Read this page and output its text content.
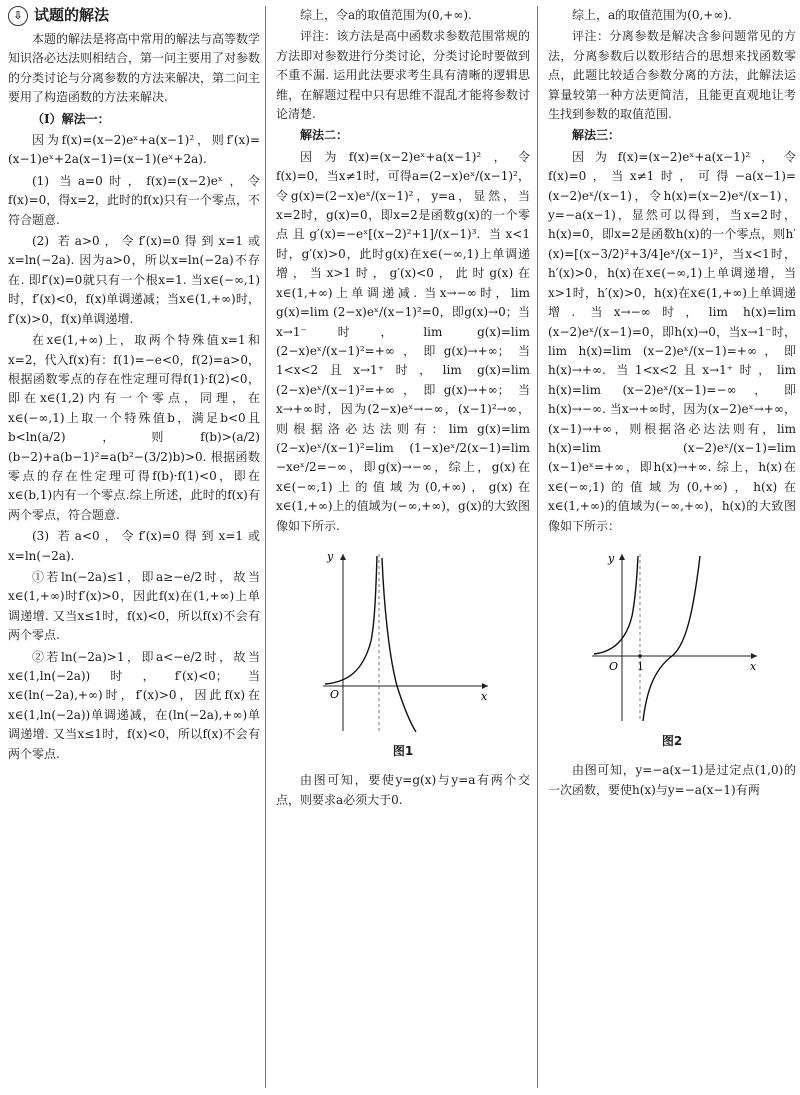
⇩ 试题的解法

本题的解法是将高中常用的解法与高等数学知识洛必达法则相结合，第一问主要用了对参数的分类讨论与分离参数的方法来解决，第二问主要用了构造函数的方法来解决.

（Ⅰ）解法一：

因为f(x)=(x−2)eˣ+a(x−1)²，则f′(x)=(x−1)eˣ+2a(x−1)=(x−1)(eˣ+2a).

(1) 当a=0时，f(x)=(x−2)eˣ，令f(x)=0，得x=2，此时的f(x)只有一个零点，不符合题意.

(2) 若a>0，令f′(x)=0得到x=1或x=ln(−2a). 因为a>0，所以x=ln(−2a)不存在. 即f′(x)=0就只有一个根x=1. 当x∈(−∞,1)时，f′(x)<0，f(x)单调递减；当x∈(1,+∞)时，f′(x)>0，f(x)单调递增.

在x∈(1,+∞)上，取两个特殊值x=1和x=2，代入f(x)有：f(1)=−e<0，f(2)=a>0，根据函数零点的存在性定理可得f(1)·f(2)<0，即在x∈(1,2)内有一个零点，同理，在x∈(−∞,1)上取一个特殊值b，满足b<0且b<ln(a/2)，则f(b)>(a/2)(b−2)+a(b−1)²=a(b²−(3/2)b)>0. 根据函数零点的存在性定理可得f(b)·f(1)<0，即在x∈(b,1)内有一个零点.综上所述，此时的f(x)有两个零点，符合题意.

(3) 若a<0，令f′(x)=0得到x=1或x=ln(−2a).

①若ln(−2a)≤1，即a≥−e/2时，故当x∈(1,+∞)时f′(x)>0，因此f(x)在(1,+∞)上单调递增. 又当x≤1时，f(x)<0，所以f(x)不会有两个零点.

②若ln(−2a)>1，即a<−e/2时，故当x∈(1,ln(−2a))时，f′(x)<0；当x∈(ln(−2a),+∞)时，f′(x)>0，因此f(x)在x∈(1,ln(−2a))单调递减，在(ln(−2a),+∞)单调递增. 又当x≤1时，f(x)<0，所以f(x)不会有两个零点.

综上，令a的取值范围为(0,+∞).

评注：该方法是高中函数求参数范围常规的方法即对参数进行分类讨论，分类讨论时要做到不重不漏. 运用此法要求考生具有清晰的逻辑思维，在解题过程中只有思维不混乱才能将参数讨论清楚.

解法二：

因为f(x)=(x−2)eˣ+a(x−1)²，令f(x)=0，当x≠1时，可得a=(2−x)eˣ/(x−1)²，令g(x)=(2−x)eˣ/(x−1)²，y=a，显然，当x=2时，g(x)=0，即x=2是函数g(x)的一个零点且g′(x)=−eˣ[(x−2)²+1]/(x−1)³. 当x<1时，g′(x)>0，此时g(x)在x∈(−∞,1)上单调递增，当x>1时，g′(x)<0，此时g(x)在x∈(1,+∞)上单调递减. 当x→−∞时，lim g(x)=lim (2−x)eˣ/(x−1)²=0，即g(x)→0；当x→1⁻时，lim g(x)=lim (2−x)eˣ/(x−1)²=+∞，即g(x)→+∞；当1<x<2且x→1⁺时，lim g(x)=lim (2−x)eˣ/(x−1)²=+∞，即g(x)→+∞；当x→+∞时，因为(2−x)eˣ→−∞，(x−1)²→∞，则根据洛必达法则有：lim g(x)=lim (2−x)eˣ/(x−1)²=lim (1−x)eˣ/2(x−1)=lim −xeˣ/2=−∞，即g(x)→−∞，综上，g(x)在x∈(−∞,1)上的值域为(0,+∞)，g(x)在x∈(1,+∞)上的值域为(−∞,+∞)，g(x)的大致图像如下所示.

y
x
O
图1

由图可知，要使y=g(x)与y=a有两个交点，则要求a必须大于0.

综上，a的取值范围为(0,+∞).

评注：分离参数是解决含参问题常见的方法，分离参数后以数形结合的思想来找函数零点，此题比较适合参数分离的方法，此解法运算量较第一种方法更简洁，且能更直观地让考生找到参数的取值范围.

解法三：

因为f(x)=(x−2)eˣ+a(x−1)²，令f(x)=0，当x≠1时，可得−a(x−1)=(x−2)eˣ/(x−1)，令h(x)=(x−2)eˣ/(x−1)，y=−a(x−1)，显然可以得到，当x=2时，h(x)=0，即x=2是函数h(x)的一个零点，则h′(x)=[(x−3/2)²+3/4]eˣ/(x−1)²，当x<1时，h′(x)>0，h(x)在x∈(−∞,1)上单调递增，当x>1时，h′(x)>0，h(x)在x∈(1,+∞)上单调递增. 当x→−∞时，lim h(x)=lim (x−2)eˣ/(x−1)=0，即h(x)→0，当x→1⁻时，lim h(x)=lim (x−2)eˣ/(x−1)=+∞，即h(x)→+∞. 当1<x<2且x→1⁺时，lim h(x)=lim (x−2)eˣ/(x−1)=−∞，即h(x)→−∞. 当x→+∞时，因为(x−2)eˣ→+∞，(x−1)→+∞，则根据洛必达法则有，lim h(x)=lim (x−2)eˣ/(x−1)=lim (x−1)eˣ=+∞，即h(x)→+∞. 综上，h(x)在x∈(−∞,1)的值域为(0,+∞)，h(x)在x∈(1,+∞)的值域为(−∞,+∞)，h(x)的大致图像如下所示：

y
x
O 1
图2

由图可知，y=−a(x−1)是过定点(1,0)的一次函数，要使h(x)与y=−a(x−1)有两
